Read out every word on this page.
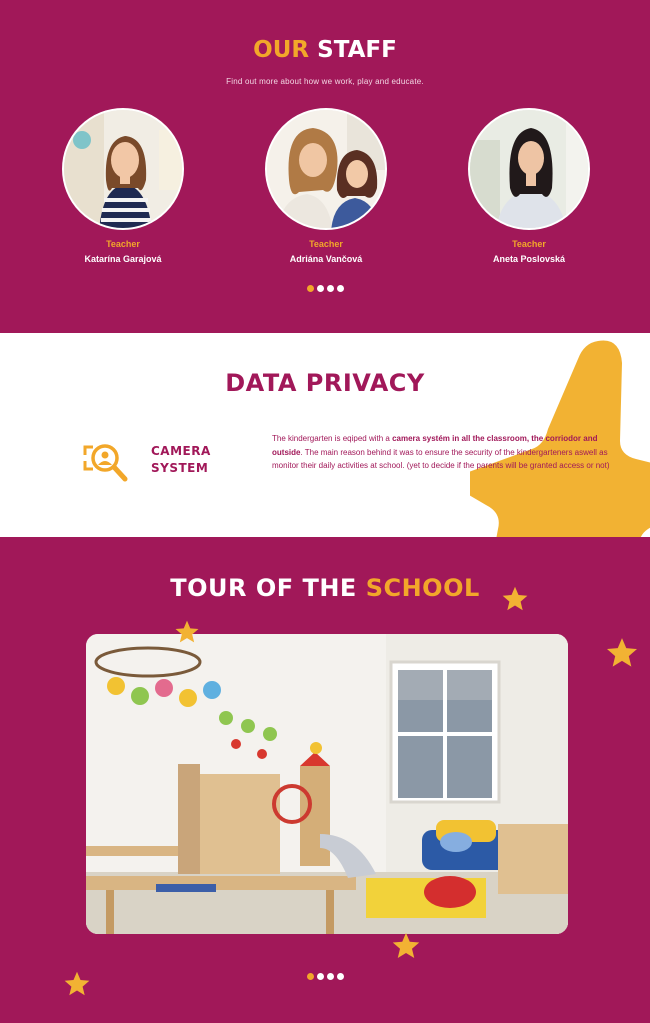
OUR STAFF

Find out more about how we work, play and educate.

Teacher
Katarína Garajová
Teacher
Adriána Vančová
Teacher
Aneta Poslovská
DATA PRIVACY
CAMERA
SYSTEM

The kindergarten is eqiped with a camera systém in all the classroom, the corriodor and outside. The main reason behind it was to ensure the security of the kindergarteners aswell as monitor their daily activities at school. (yet to decide if the parents will be granted access or not)

TOUR OF THE SCHOOL
